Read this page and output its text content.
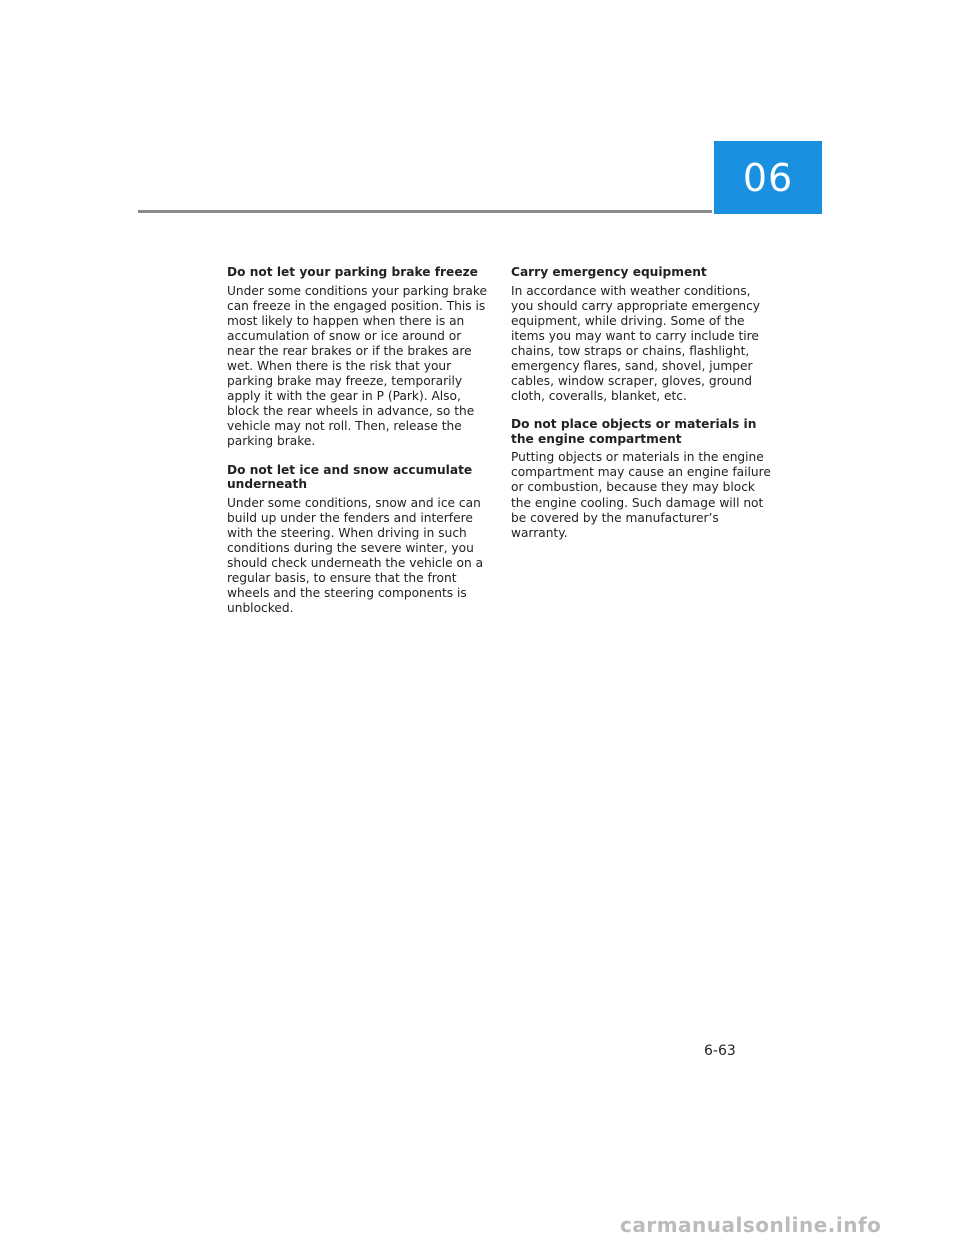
06

Do not let your parking brake freeze

Under some conditions your parking brake can freeze in the engaged position. This is most likely to happen when there is an accumulation of snow or ice around or near the rear brakes or if the brakes are wet. When there is the risk that your parking brake may freeze, temporarily apply it with the gear in P (Park). Also, block the rear wheels in advance, so the vehicle may not roll. Then, release the parking brake.

Do not let ice and snow accumulate underneath

Under some conditions, snow and ice can build up under the fenders and interfere with the steering. When driving in such conditions during the severe winter, you should check underneath the vehicle on a regular basis, to ensure that the front wheels and the steering components is unblocked.

Carry emergency equipment

In accordance with weather conditions, you should carry appropriate emergency equipment, while driving. Some of the items you may want to carry include tire chains, tow straps or chains, flashlight, emergency flares, sand, shovel, jumper cables, window scraper, gloves, ground cloth, coveralls, blanket, etc.

Do not place objects or materials in the engine compartment

Putting objects or materials in the engine compartment may cause an engine failure or combustion, because they may block the engine cooling. Such damage will not be covered by the manufacturer’s warranty.

6-63
carmanualsonline.info
